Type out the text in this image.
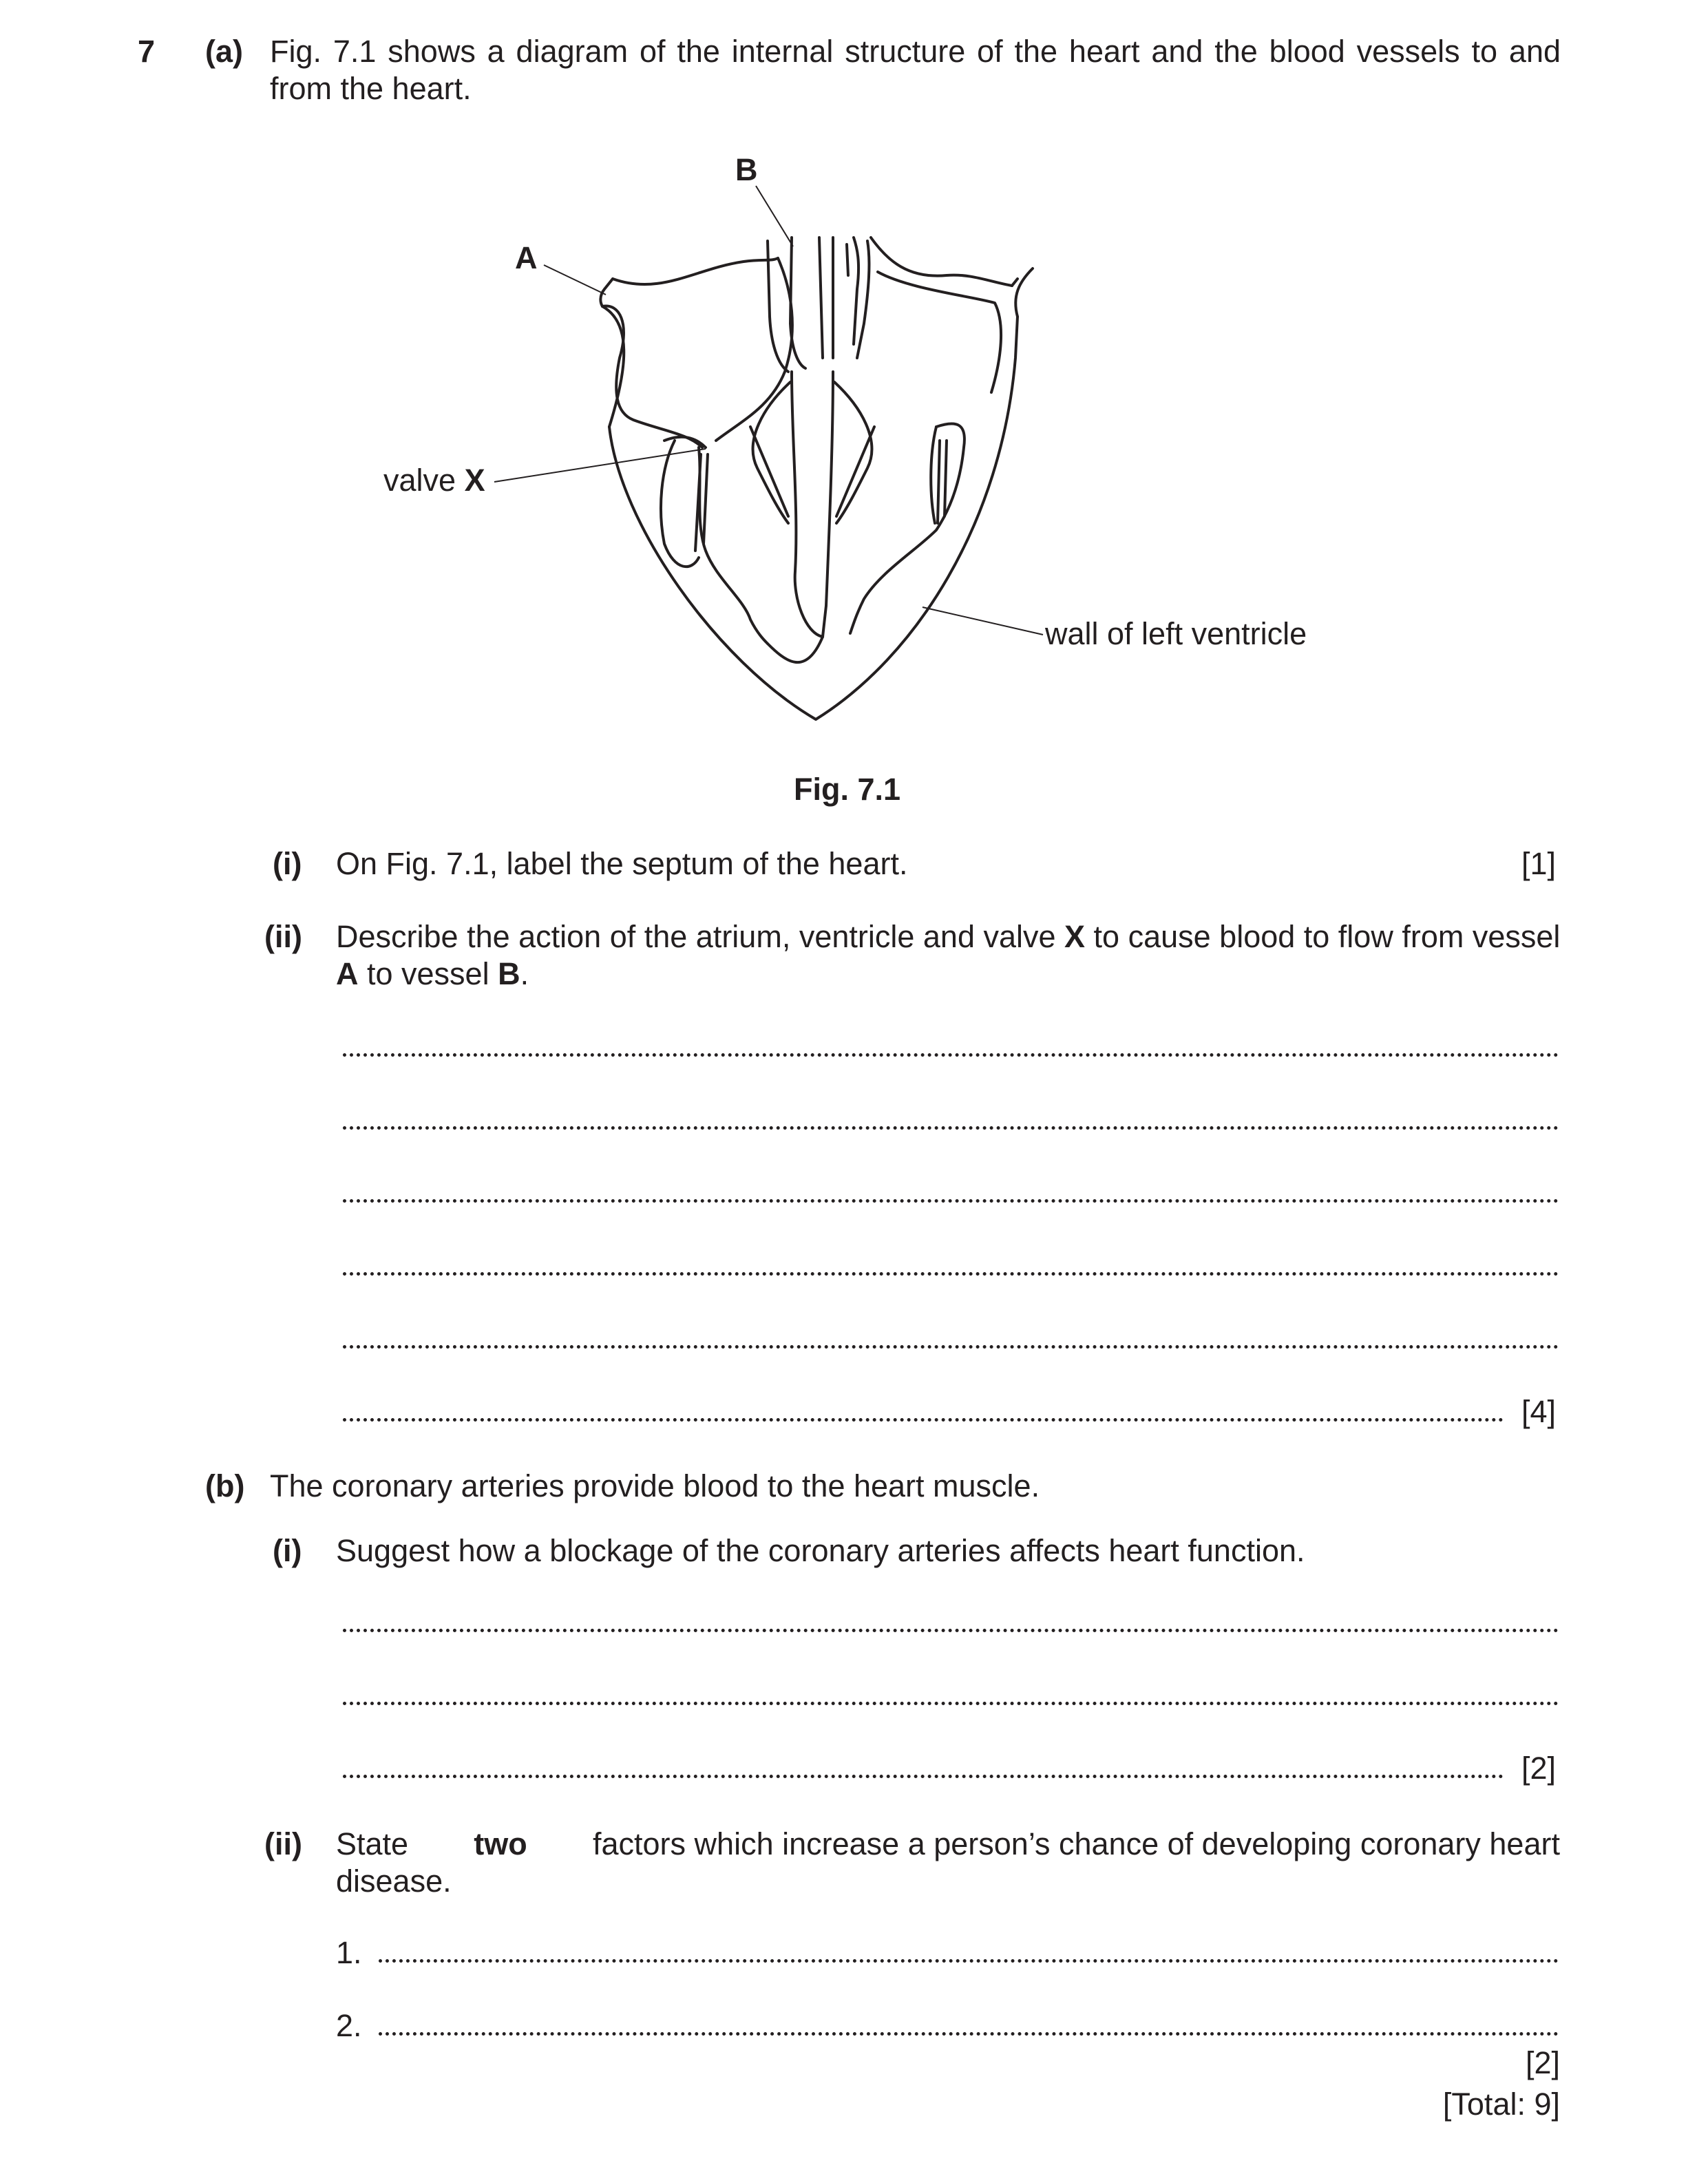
7 (a) Fig. 7.1 shows a diagram of the internal structure of the heart and the blood vessels to and
from the heart.
A
B
valve X
wall of left ventricle
Fig. 7.1
(i) On Fig. 7.1, label the septum of the heart.	[1]
(ii) Describe the action of the atrium, ventricle and valve X to cause blood to flow from vessel
A to vessel B.
[4]
(b) The coronary arteries provide blood to the heart muscle.
(i) Suggest how a blockage of the coronary arteries affects heart function.
[2]
(ii) State two factors which increase a person’s chance of developing coronary heart
disease.
1.
2.
[2]
[Total: 9]
